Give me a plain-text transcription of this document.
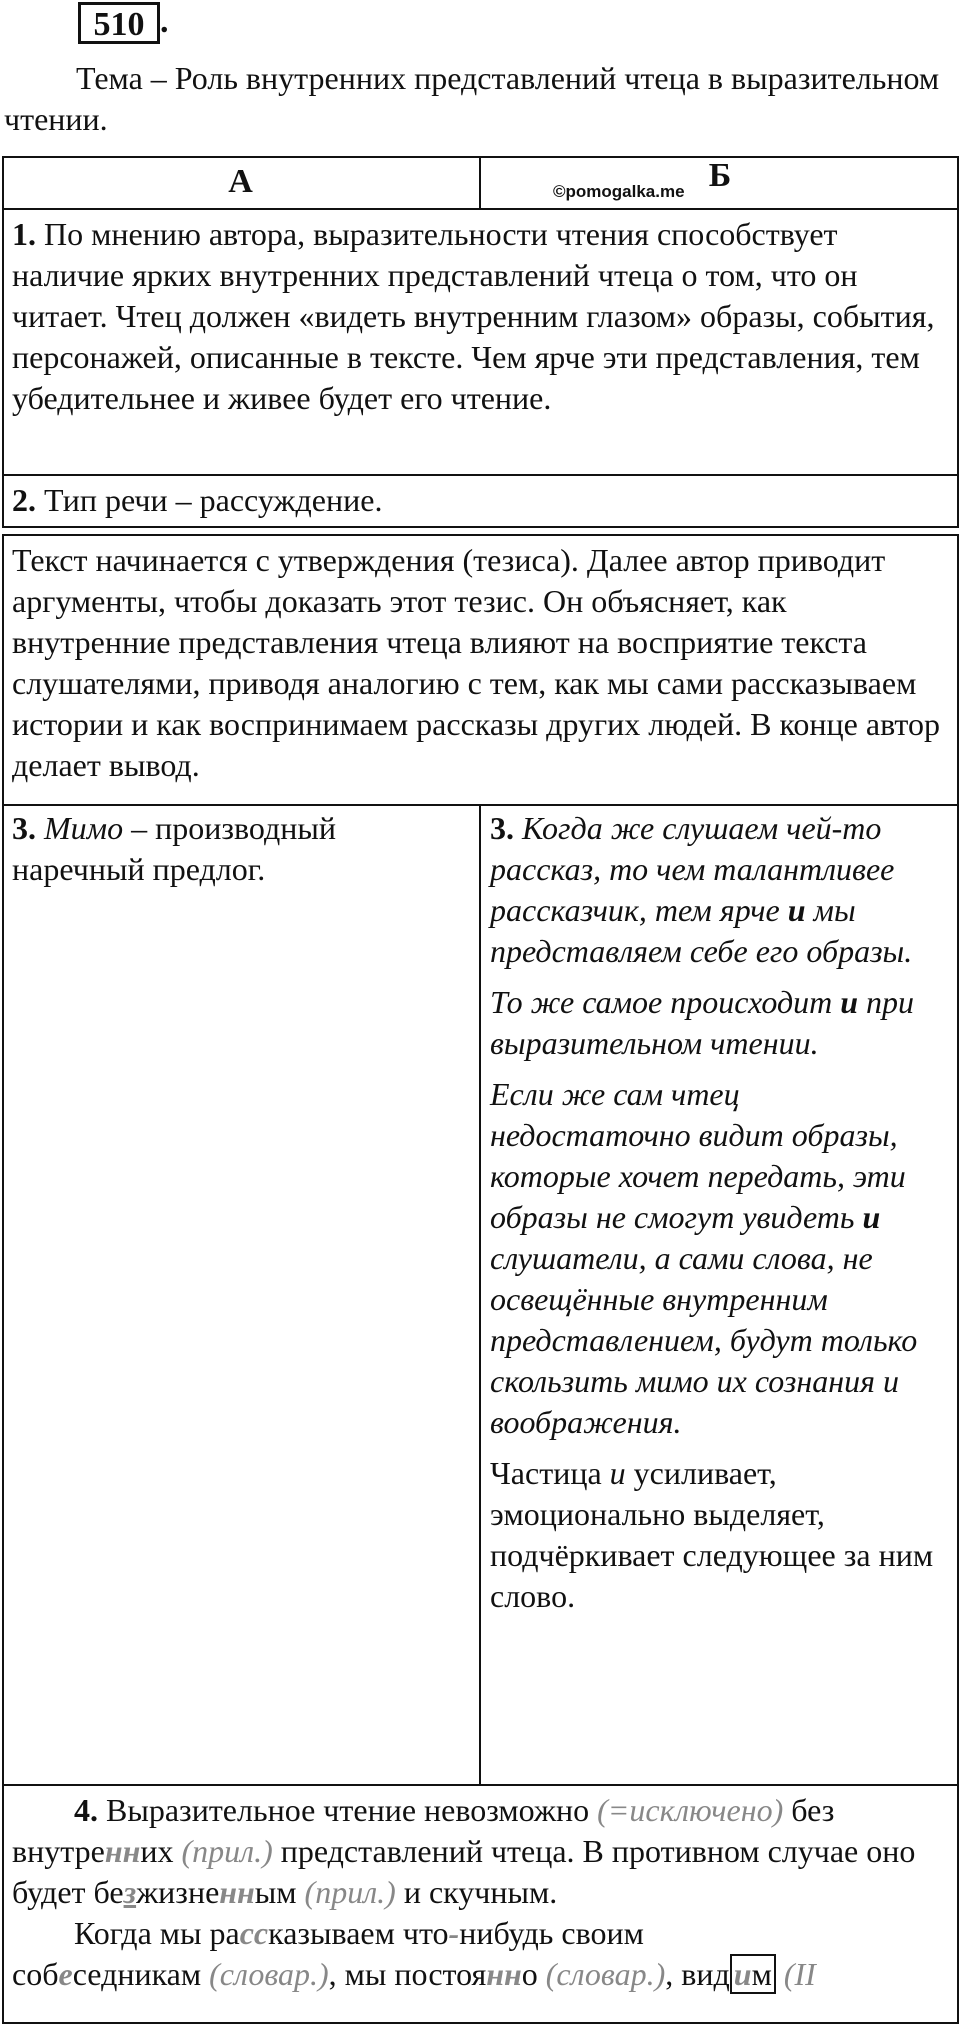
510 .
Тема – Роль внутренних представлений чтеца в выразительном чтении.
А	Б
©pomogalka.me
1. По мнению автора, выразительности чтения способствует наличие ярких внутренних представлений чтеца о том, что он читает. Чтец должен «видеть внутренним глазом» образы, события, персонажей, описанные в тексте. Чем ярче эти представления, тем убедительнее и живее будет его чтение.
2. Тип речи – рассуждение.
Текст начинается с утверждения (тезиса). Далее автор приводит аргументы, чтобы доказать этот тезис. Он объясняет, как внутренние представления чтеца влияют на восприятие текста слушателями, приводя аналогию с тем, как мы сами рассказываем истории и как воспринимаем рассказы других людей. В конце автор делает вывод.
3. Мимо – производный наречный предлог.

3. Когда же слушаем чей-то рассказ, то чем талантливее рассказчик, тем ярче и мы представляем себе его образы.

То же самое происходит и при выразительном чтении.

Если же сам чтец недостаточно видит образы, которые хочет передать, эти образы не смогут увидеть и слушатели, а сами слова, не освещённые внутренним представлением, будут только скользить мимо их сознания и воображения.

Частица и усиливает, эмоционально выделяет, подчёркивает следующее за ним слово.

4. Выразительное чтение невозможно (=исключено) без внутренних (прил.) представлений чтеца. В противном случае оно будет безжизненным (прил.) и скучным.
Когда мы рассказываем что-нибудь своим
собеседникам (словар.), мы постоянно (словар.), вид им (II
